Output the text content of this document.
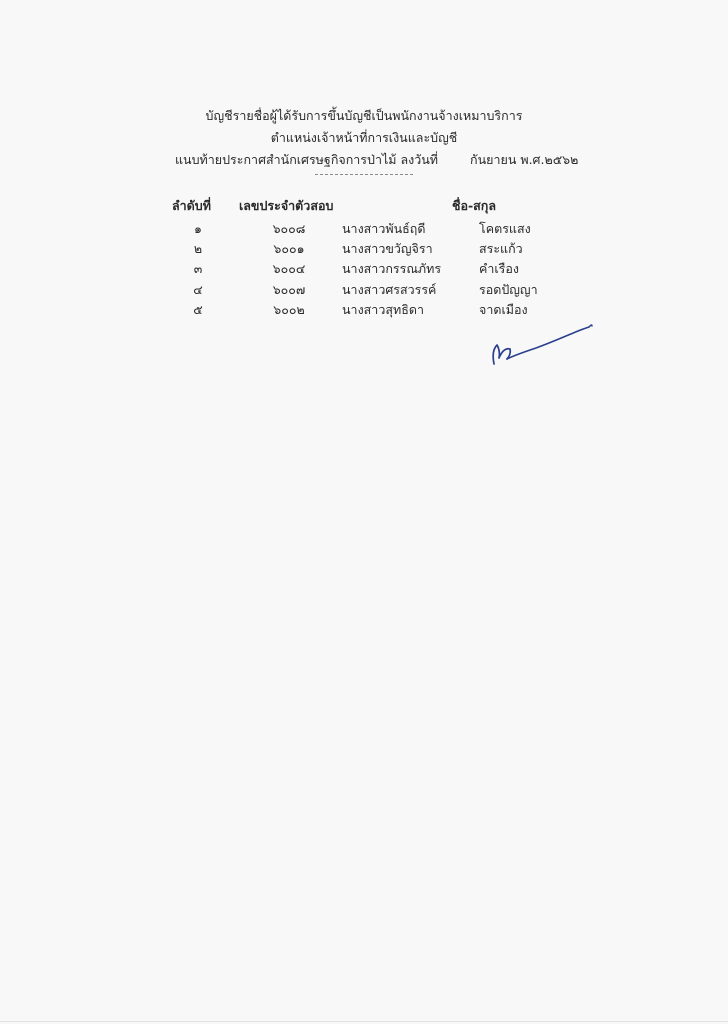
บัญชีรายชื่อผู้ได้รับการขึ้นบัญชีเป็นพนักงานจ้างเหมาบริการ
ตำแหน่งเจ้าหน้าที่การเงินและบัญชี
แนบท้ายประกาศสำนักเศรษฐกิจการป่าไม้ ลงวันที่	กันยายน พ.ศ.๒๕๖๒
ลำดับที่ เลขประจำตัวสอบ	ชื่อ-สกุล
๑	๖๐๐๘	นางสาวพันธ์ฤดี	โคตรแสง
๒	๖๐๐๑	นางสาวขวัญจิรา	สระแก้ว
๓	๖๐๐๔	นางสาวกรรณภัทร	คำเรือง
๔	๖๐๐๗	นางสาวศรสวรรค์	รอดปัญญา
๕	๖๐๐๒	นางสาวสุทธิดา	จาดเมือง
